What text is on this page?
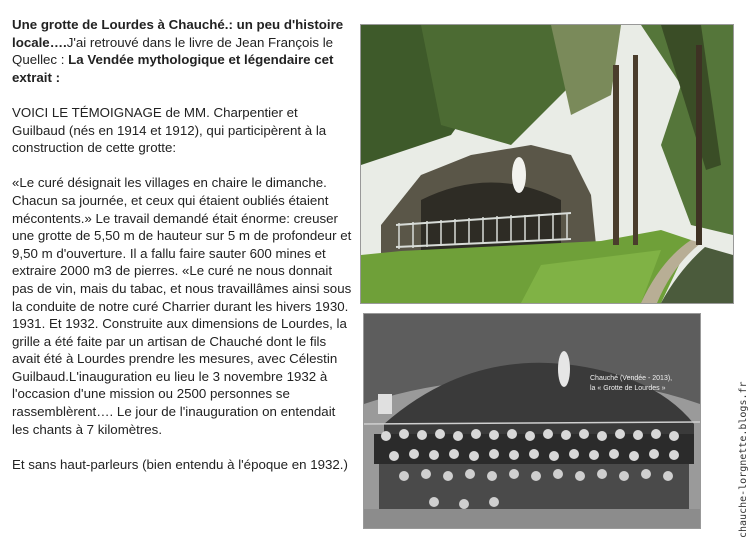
Une grotte de Lourdes à Chauché.: un peu d'histoire locale….J'ai retrouvé dans le livre de Jean François le Quellec : La Vendée mythologique et légendaire cet extrait :

VOICI LE TÉMOIGNAGE de MM. Charpentier et Guilbaud (nés en 1914 et 1912), qui participèrent à la construction de cette grotte:

«Le curé désignait les villages en chaire le dimanche. Chacun sa journée, et ceux qui étaient oubliés étaient mécontents.» Le travail demandé était énorme: creuser une grotte de 5,50 m de hauteur sur 5 m de profondeur et 9,50 m d'ouverture. Il a fallu faire sauter 600 mines et extraire 2000 m3 de pierres. «Le curé ne nous donnait pas de vin, mais du tabac, et nous travaillâmes ainsi sous la conduite de notre curé Charrier durant les hivers 1930. 1931. Et 1932. Construite aux dimensions de Lourdes, la grille a été faite par un artisan de Chauché dont le fils avait été à Lourdes prendre les mesures, avec Célestin Guilbaud.L'inauguration eu lieu le 3 novembre 1932 à l'occasion d'une mission ou 2500 personnes se rassemblèrent…. Le jour de l'inauguration on entendait les chants à 7 kilomètres.

Et sans haut-parleurs (bien entendu à l'époque en 1932.)

Chauché (Vendée - 2013),
la « Grotte de Lourdes »	chauche-lorgnette.blogs.fr
